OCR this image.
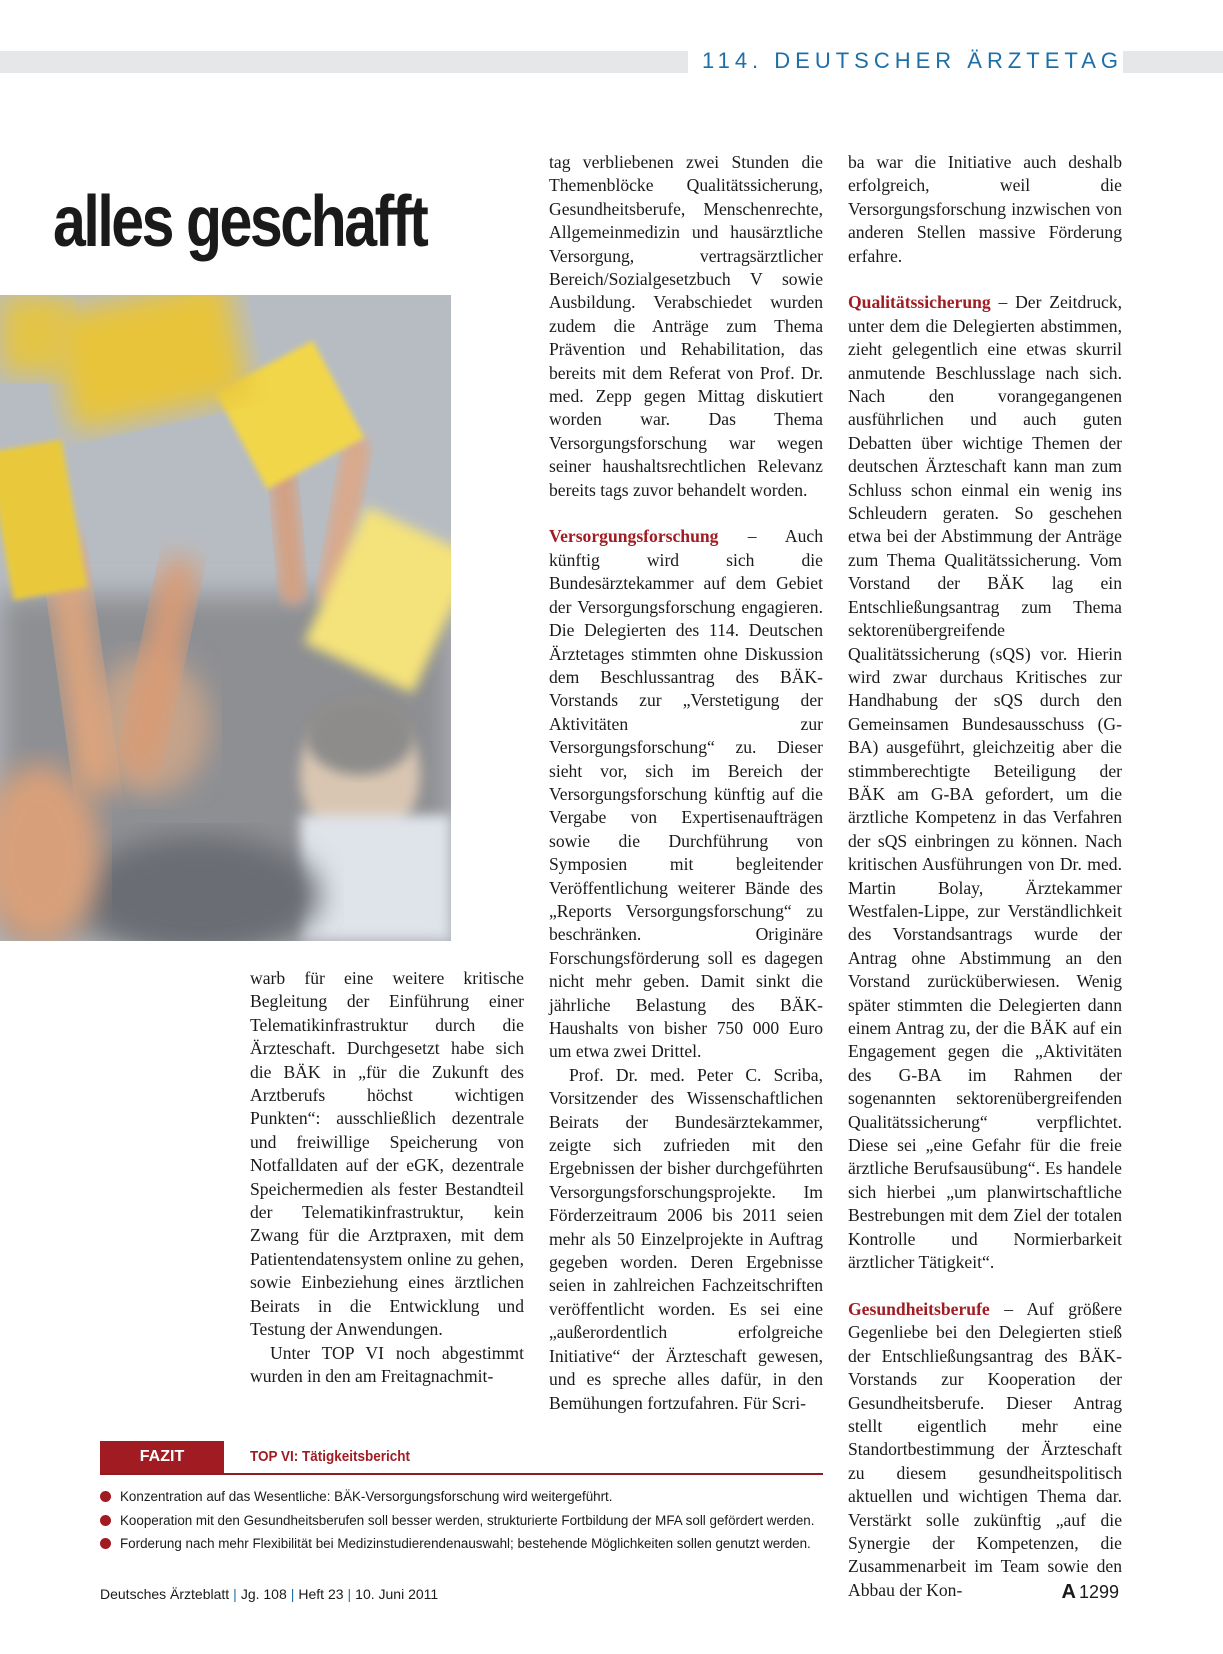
114. DEUTSCHER ÄRZTETAG
alles geschafft

warb für eine weitere kritische Begleitung der Einführung einer Telematikinfrastruktur durch die Ärzteschaft. Durchgesetzt habe sich die BÄK in „für die Zukunft des Arztberufs höchst wichtigen Punkten“: ausschließlich dezentrale und freiwillige Speicherung von Notfalldaten auf der eGK, dezentrale Speichermedien als fester Bestandteil der Telematikinfrastruktur, kein Zwang für die Arztpraxen, mit dem Patientendatensystem online zu gehen, sowie Einbeziehung eines ärztlichen Beirats in die Entwicklung und Testung der Anwendungen.

Unter TOP VI noch abgestimmt wurden in den am Freitagnachmit-

tag verbliebenen zwei Stunden die Themenblöcke Qualitätssicherung, Gesundheitsberufe, Menschenrechte, Allgemeinmedizin und hausärztliche Versorgung, vertragsärztlicher Bereich/Sozialgesetzbuch V sowie Ausbildung. Verabschiedet wurden zudem die Anträge zum Thema Prävention und Rehabilitation, das bereits mit dem Referat von Prof. Dr. med. Zepp gegen Mittag diskutiert worden war. Das Thema Versorgungsforschung war wegen seiner haushaltsrechtlichen Relevanz bereits tags zuvor behandelt worden.

Versorgungsforschung – Auch künftig wird sich die Bundesärztekammer auf dem Gebiet der Versorgungsforschung engagieren. Die Delegierten des 114. Deutschen Ärztetages stimmten ohne Diskussion dem Beschlussantrag des BÄK-Vorstands zur „Verstetigung der Aktivitäten zur Versorgungsforschung“ zu. Dieser sieht vor, sich im Bereich der Versorgungsforschung künftig auf die Vergabe von Expertisenaufträgen sowie die Durchführung von Symposien mit begleitender Veröffentlichung weiterer Bände des „Reports Versorgungsforschung“ zu beschränken. Originäre Forschungsförderung soll es dagegen nicht mehr geben. Damit sinkt die jährliche Belastung des BÄK-Haushalts von bisher 750 000 Euro um etwa zwei Drittel.

Prof. Dr. med. Peter C. Scriba, Vorsitzender des Wissenschaftlichen Beirats der Bundesärztekammer, zeigte sich zufrieden mit den Ergebnissen der bisher durchgeführten Versorgungsforschungsprojekte. Im Förderzeitraum 2006 bis 2011 seien mehr als 50 Einzelprojekte in Auftrag gegeben worden. Deren Ergebnisse seien in zahlreichen Fachzeitschriften veröffentlicht worden. Es sei eine „außerordentlich erfolgreiche Initiative“ der Ärzteschaft gewesen, und es spreche alles dafür, in den Bemühungen fortzufahren. Für Scri-

ba war die Initiative auch deshalb erfolgreich, weil die Versorgungsforschung inzwischen von anderen Stellen massive Förderung erfahre.

Qualitätssicherung – Der Zeitdruck, unter dem die Delegierten abstimmen, zieht gelegentlich eine etwas skurril anmutende Beschlusslage nach sich. Nach den vorangegangenen ausführlichen und auch guten Debatten über wichtige Themen der deutschen Ärzteschaft kann man zum Schluss schon einmal ein wenig ins Schleudern geraten. So geschehen etwa bei der Abstimmung der Anträge zum Thema Qualitätssicherung. Vom Vorstand der BÄK lag ein Entschließungsantrag zum Thema sektorenübergreifende Qualitätssicherung (sQS) vor. Hierin wird zwar durchaus Kritisches zur Handhabung der sQS durch den Gemeinsamen Bundesausschuss (G-BA) ausgeführt, gleichzeitig aber die stimmberechtigte Beteiligung der BÄK am G-BA gefordert, um die ärztliche Kompetenz in das Verfahren der sQS einbringen zu können. Nach kritischen Ausführungen von Dr. med. Martin Bolay, Ärztekammer Westfalen-Lippe, zur Verständlichkeit des Vorstandsantrags wurde der Antrag ohne Abstimmung an den Vorstand zurücküberwiesen. Wenig später stimmten die Delegierten dann einem Antrag zu, der die BÄK auf ein Engagement gegen die „Aktivitäten des G-BA im Rahmen der sogenannten sektorenübergreifenden Qualitätssicherung“ verpflichtet. Diese sei „eine Gefahr für die freie ärztliche Berufsausübung“. Es handele sich hierbei „um planwirtschaftliche Bestrebungen mit dem Ziel der totalen Kontrolle und Normierbarkeit ärztlicher Tätigkeit“.

Gesundheitsberufe – Auf größere Gegenliebe bei den Delegierten stieß der Entschließungsantrag des BÄK-Vorstands zur Kooperation der Gesundheitsberufe. Dieser Antrag stellt eigentlich mehr eine Standortbestimmung der Ärzteschaft zu diesem gesundheitspolitisch aktuellen und wichtigen Thema dar. Verstärkt solle zukünftig „auf die Synergie der Kompetenzen, die Zusammenarbeit im Team sowie den Abbau der Kon-

FAZIT	TOP VI: Tätigkeitsbericht
Konzentration auf das Wesentliche: BÄK-Versorgungsforschung wird weitergeführt.
Kooperation mit den Gesundheitsberufen soll besser werden, strukturierte Fortbildung der MFA soll gefördert werden.
Forderung nach mehr Flexibilität bei Medizinstudierendenauswahl; bestehende Möglichkeiten sollen genutzt werden.
Deutsches Ärzteblatt | Jg. 108 | Heft 23 | 10. Juni 2011	A 1299
